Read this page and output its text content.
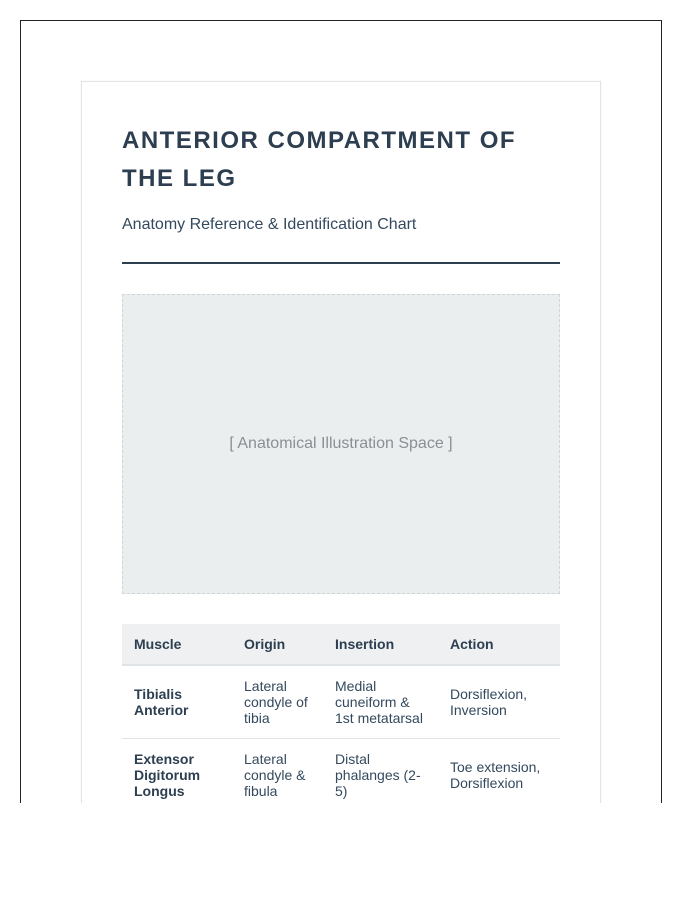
ANTERIOR COMPARTMENT OF THE LEG

Anatomy Reference & Identification Chart

[ Anatomical Illustration Space ]
Muscle	Origin	Insertion	Action
Tibialis Anterior	Lateral condyle of tibia	Medial cuneiform & 1st metatarsal	Dorsiflexion, Inversion
Extensor Digitorum Longus	Lateral condyle & fibula	Distal phalanges (2-5)	Toe extension, Dorsiflexion
